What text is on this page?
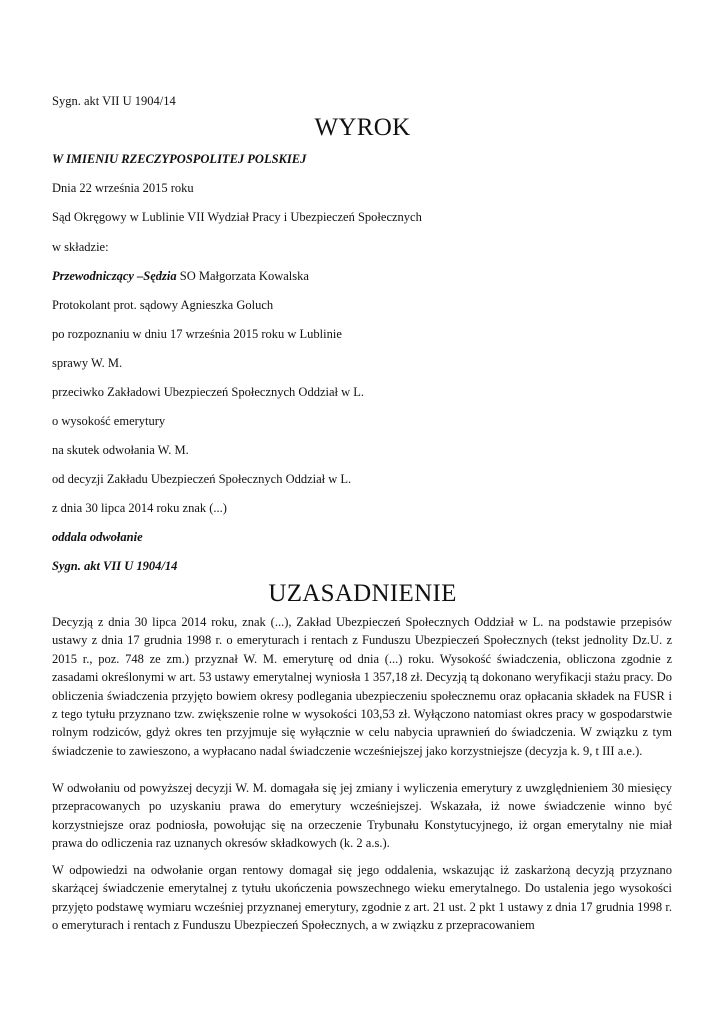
Sygn. akt VII U 1904/14
WYROK
W IMIENIU RZECZYPOSPOLITEJ POLSKIEJ
Dnia 22 września 2015 roku
Sąd Okręgowy w Lublinie VII Wydział Pracy i Ubezpieczeń Społecznych
w składzie:
Przewodniczący –Sędzia SO Małgorzata Kowalska
Protokolant prot. sądowy Agnieszka Goluch
po rozpoznaniu w dniu 17 września 2015 roku w Lublinie
sprawy W. M.
przeciwko Zakładowi Ubezpieczeń Społecznych Oddział w L.
o wysokość emerytury
na skutek odwołania W. M.
od decyzji Zakładu Ubezpieczeń Społecznych Oddział w L.
z dnia 30 lipca 2014 roku znak (...)
oddala odwołanie
Sygn. akt VII U 1904/14
UZASADNIENIE
Decyzją z dnia 30 lipca 2014 roku, znak (...), Zakład Ubezpieczeń Społecznych Oddział w L. na podstawie przepisów ustawy z dnia 17 grudnia 1998 r. o emeryturach i rentach z Funduszu Ubezpieczeń Społecznych (tekst jednolity Dz.U. z 2015 r., poz. 748 ze zm.) przyznał W. M. emeryturę od dnia (...) roku. Wysokość świadczenia, obliczona zgodnie z zasadami określonymi w art. 53 ustawy emerytalnej wyniosła 1 357,18 zł. Decyzją tą dokonano weryfikacji stażu pracy. Do obliczenia świadczenia przyjęto bowiem okresy podlegania ubezpieczeniu społecznemu oraz opłacania składek na FUSR i z tego tytułu przyznano tzw. zwiększenie rolne w wysokości 103,53 zł. Wyłączono natomiast okres pracy w gospodarstwie rolnym rodziców, gdyż okres ten przyjmuje się wyłącznie w celu nabycia uprawnień do świadczenia. W związku z tym świadczenie to zawieszono, a wypłacano nadal świadczenie wcześniejszej jako korzystniejsze (decyzja k. 9, t III a.e.).
W odwołaniu od powyższej decyzji W. M. domagała się jej zmiany i wyliczenia emerytury z uwzględnieniem 30 miesięcy przepracowanych po uzyskaniu prawa do emerytury wcześniejszej. Wskazała, iż nowe świadczenie winno być korzystniejsze oraz podniosła, powołując się na orzeczenie Trybunału Konstytucyjnego, iż organ emerytalny nie miał prawa do odliczenia raz uznanych okresów składkowych (k. 2 a.s.).
W odpowiedzi na odwołanie organ rentowy domagał się jego oddalenia, wskazując iż zaskarżoną decyzją przyznano skarżącej świadczenie emerytalnej z tytułu ukończenia powszechnego wieku emerytalnego. Do ustalenia jego wysokości przyjęto podstawę wymiaru wcześniej przyznanej emerytury, zgodnie z art. 21 ust. 2 pkt 1 ustawy z dnia 17 grudnia 1998 r. o emeryturach i rentach z Funduszu Ubezpieczeń Społecznych, a w związku z przepracowaniem
